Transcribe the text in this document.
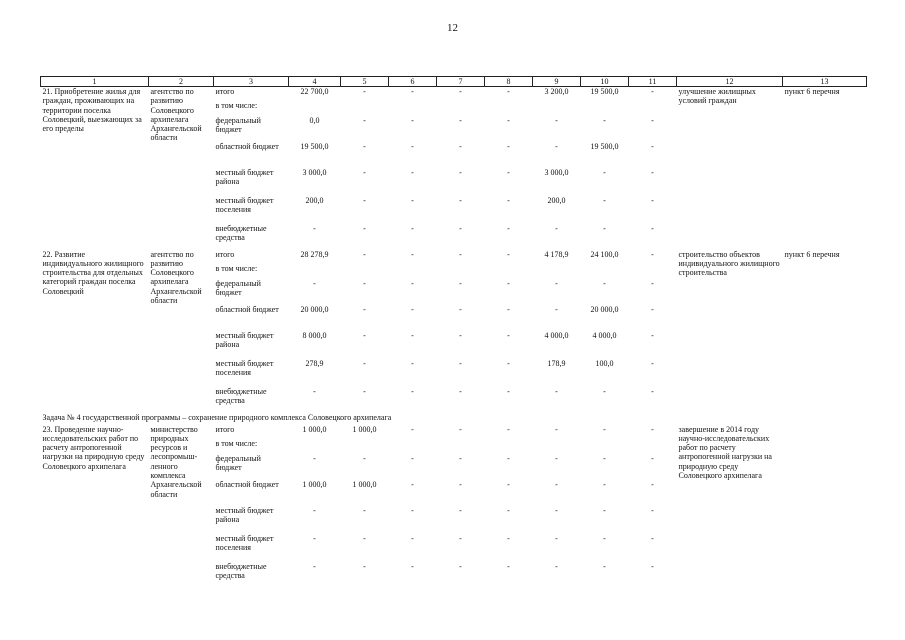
12
1	2	3	4	5	6	7	8	9	10	11	12	13
21. Приобретение жилья для граждан, проживающих на территории поселка Соловецкий, выезжающих за его пределы	агентство по развитию Соловецкого архипелага Архангельской области	итого	22 700,0	-	-	-	-	3 200,0	19 500,0	-	улучшение жилищных условий граждан	пункт 6 перечня
		в том числе:										
		федеральный бюджет	0,0	-	-	-	-	-	-	-		
		областной бюджет	19 500,0	-	-	-	-	-	19 500,0	-		
		местный бюджет района	3 000,0	-	-	-	-	3 000,0	-	-		
		местный бюджет поселения	200,0	-	-	-	-	200,0	-	-		
		внебюджетные средства	-	-	-	-	-	-	-	-		
22. Развитие индивидуального жилищного строительства для отдельных категорий граждан поселка Соловецкий	агентство по развитию Соловецкого архипелага Архангельской области	итого	28 278,9	-	-	-	-	4 178,9	24 100,0	-	строительство объектов индивидуального жилищного строительства	пункт 6 перечня
		в том числе:										
		федеральный бюджет	-	-	-	-	-	-	-	-		
		областной бюджет	20 000,0	-	-	-	-	-	20 000,0	-		
		местный бюджет района	8 000,0	-	-	-	-	4 000,0	4 000,0	-		
		местный бюджет поселения	278,9	-	-	-	-	178,9	100,0	-		
		внебюджетные средства	-	-	-	-	-	-	-	-		
Задача № 4 государственной программы – сохранение природного комплекса Соловецкого архипелага												
23. Проведение научно-исследовательских работ по расчету антропогенной нагрузки на природную среду Соловецкого архипелага	министерство природных ресурсов и лесопромыш-ленного комплекса Архангельской области	итого	1 000,0	1 000,0	-	-	-	-	-	-	завершение в 2014 году научно-исследовательских работ по расчету антропогенной нагрузки на природную среду Соловецкого архипелага	
		в том числе:										
		федеральный бюджет	-	-	-	-	-	-	-	-		
		областной бюджет	1 000,0	1 000,0	-	-	-	-	-	-		
		местный бюджет района	-	-	-	-	-	-	-	-		
		местный бюджет поселения	-	-	-	-	-	-	-	-		
		внебюджетные средства	-	-	-	-	-	-	-	-		
